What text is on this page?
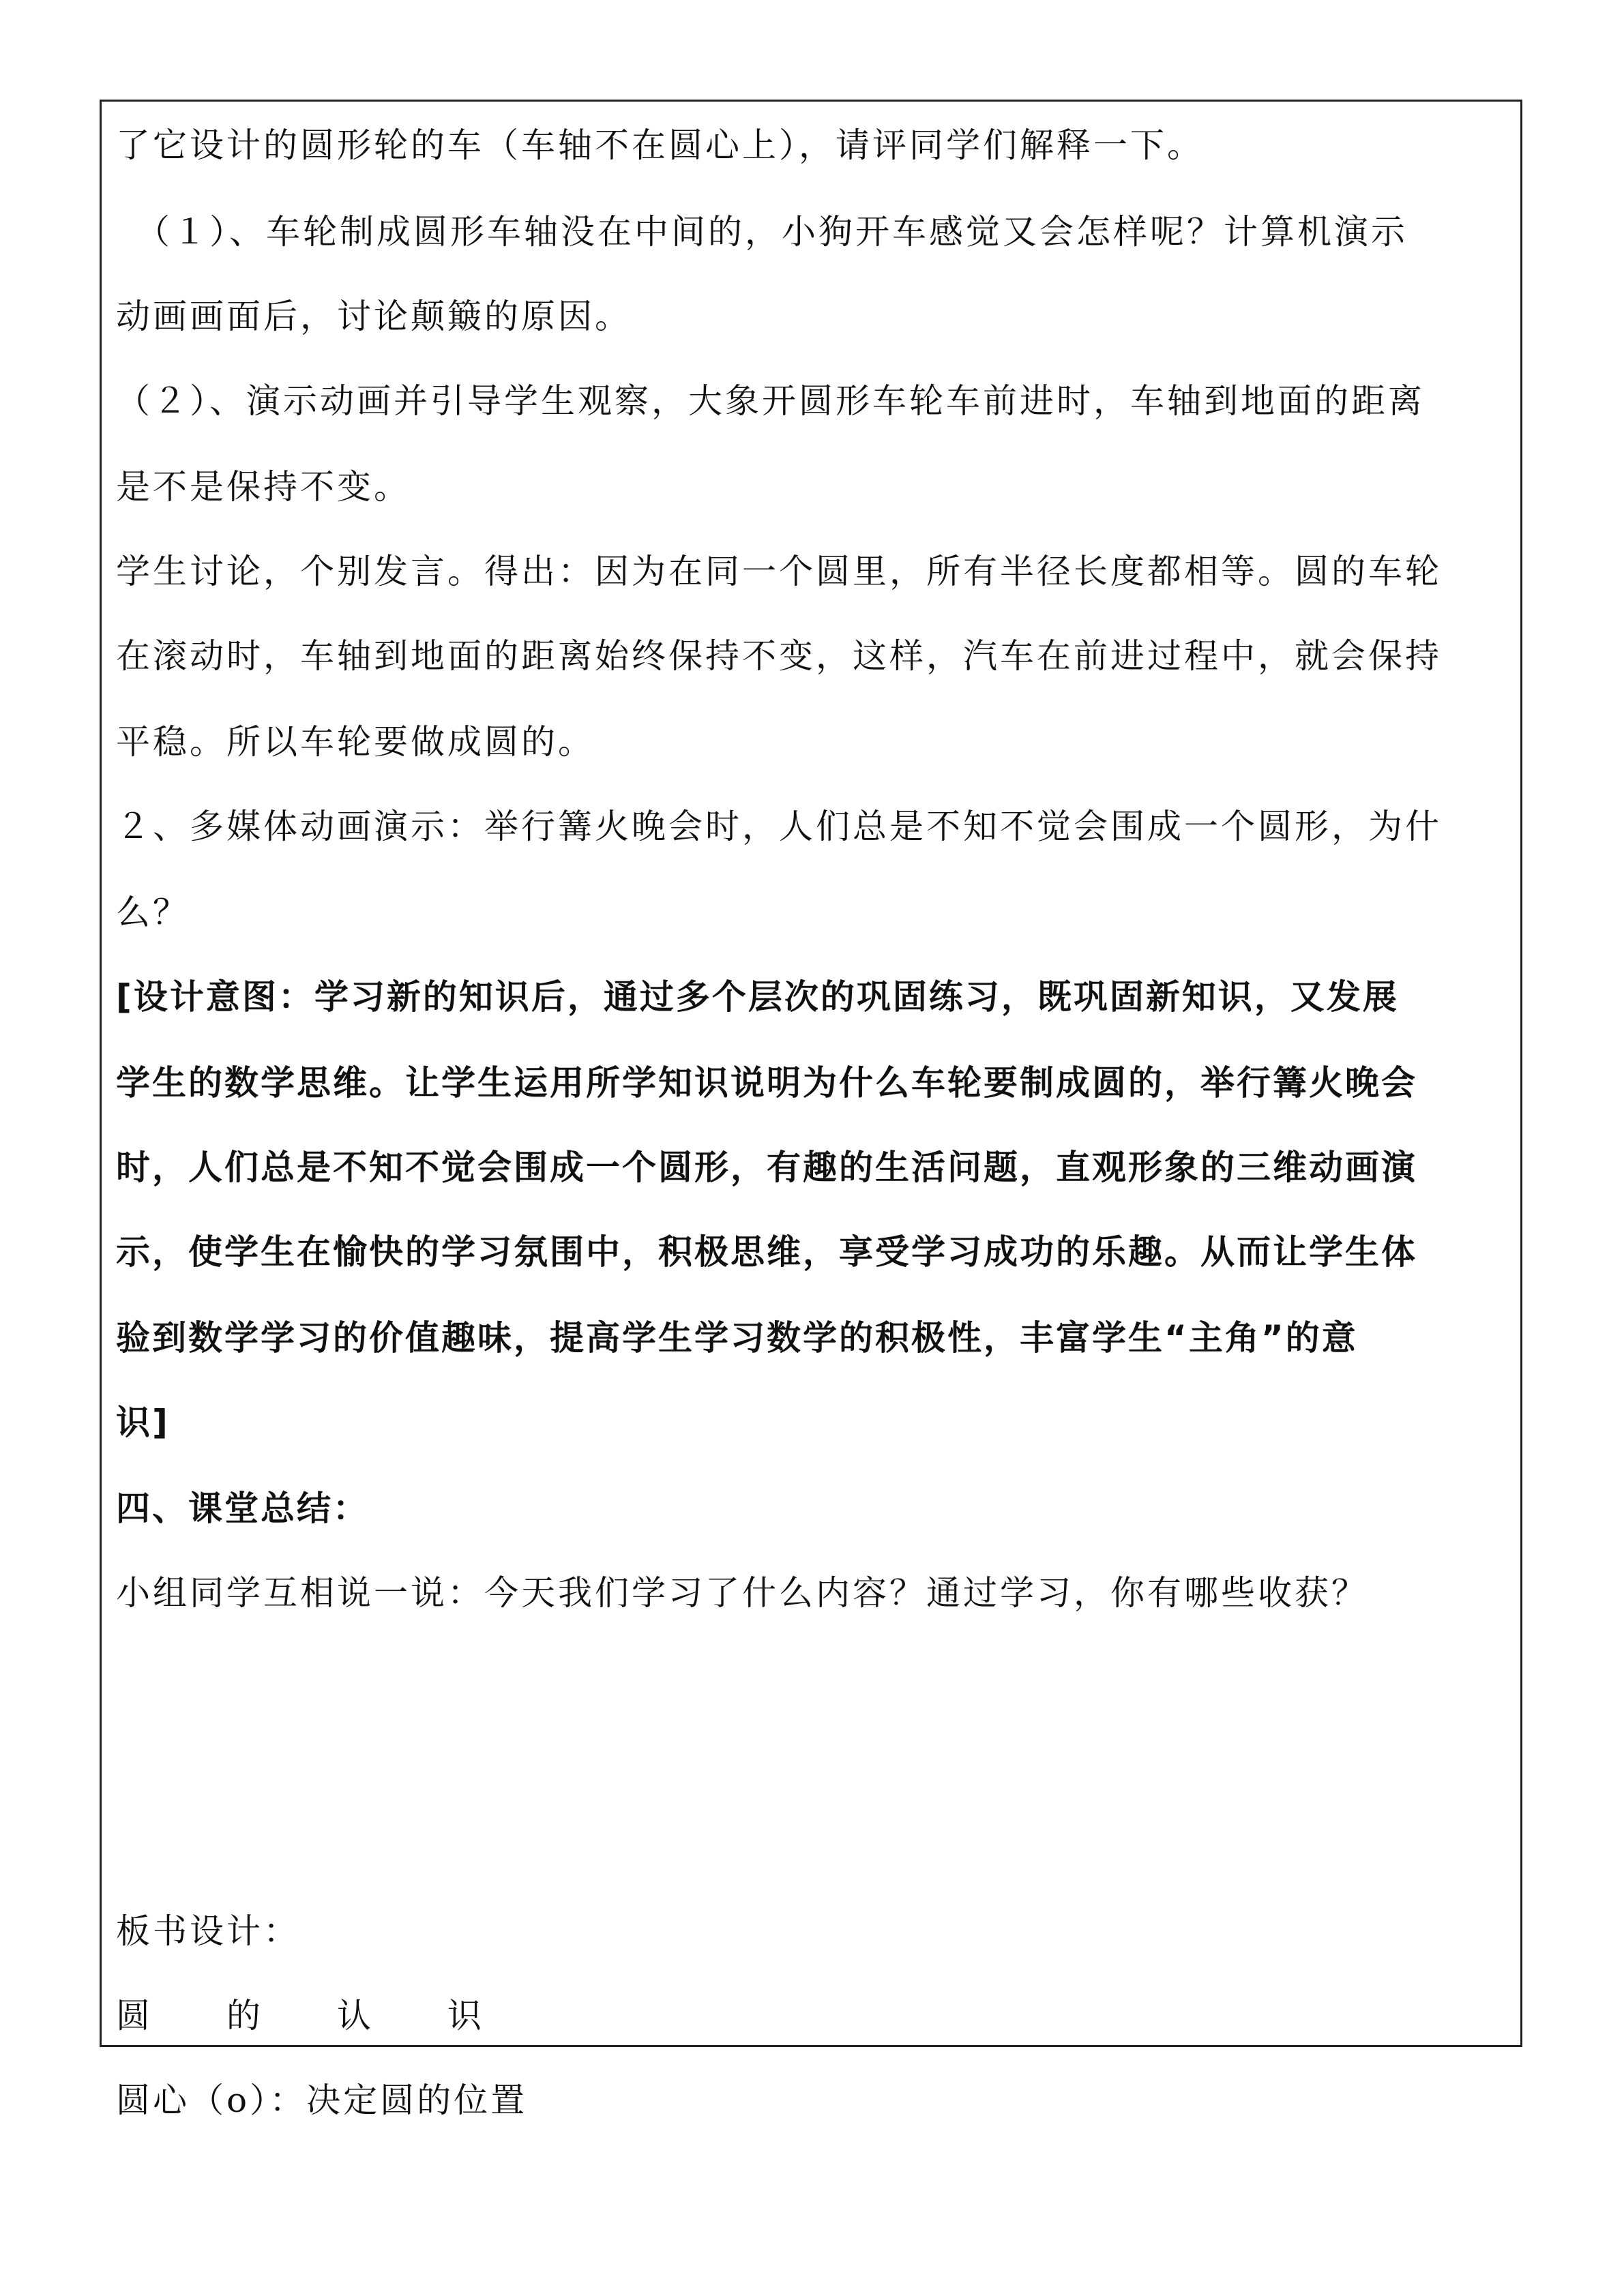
了它设计的圆形轮的车（车轴不在圆心上），请评同学们解释一下。
　（１）、车轮制成圆形车轴没在中间的，小狗开车感觉又会怎样呢？计算机演示
动画画面后，讨论颠簸的原因。
（２）、演示动画并引导学生观察，大象开圆形车轮车前进时，车轴到地面的距离
是不是保持不变。
学生讨论，个别发言。得出：因为在同一个圆里，所有半径长度都相等。圆的车轮
在滚动时，车轴到地面的距离始终保持不变，这样，汽车在前进过程中，就会保持
平稳。所以车轮要做成圆的。
２、多媒体动画演示：举行篝火晚会时，人们总是不知不觉会围成一个圆形，为什
么？
[设计意图：学习新的知识后，通过多个层次的巩固练习，既巩固新知识，又发展
学生的数学思维。让学生运用所学知识说明为什么车轮要制成圆的，举行篝火晚会
时，人们总是不知不觉会围成一个圆形，有趣的生活问题，直观形象的三维动画演
示，使学生在愉快的学习氛围中，积极思维，享受学习成功的乐趣。从而让学生体
验到数学学习的价值趣味，提高学生学习数学的积极性，丰富学生“主角”的意
识]
四、课堂总结：
小组同学互相说一说：今天我们学习了什么内容？通过学习，你有哪些收获？
板书设计：
圆　　的　　认　　识
圆心（o）：决定圆的位置
